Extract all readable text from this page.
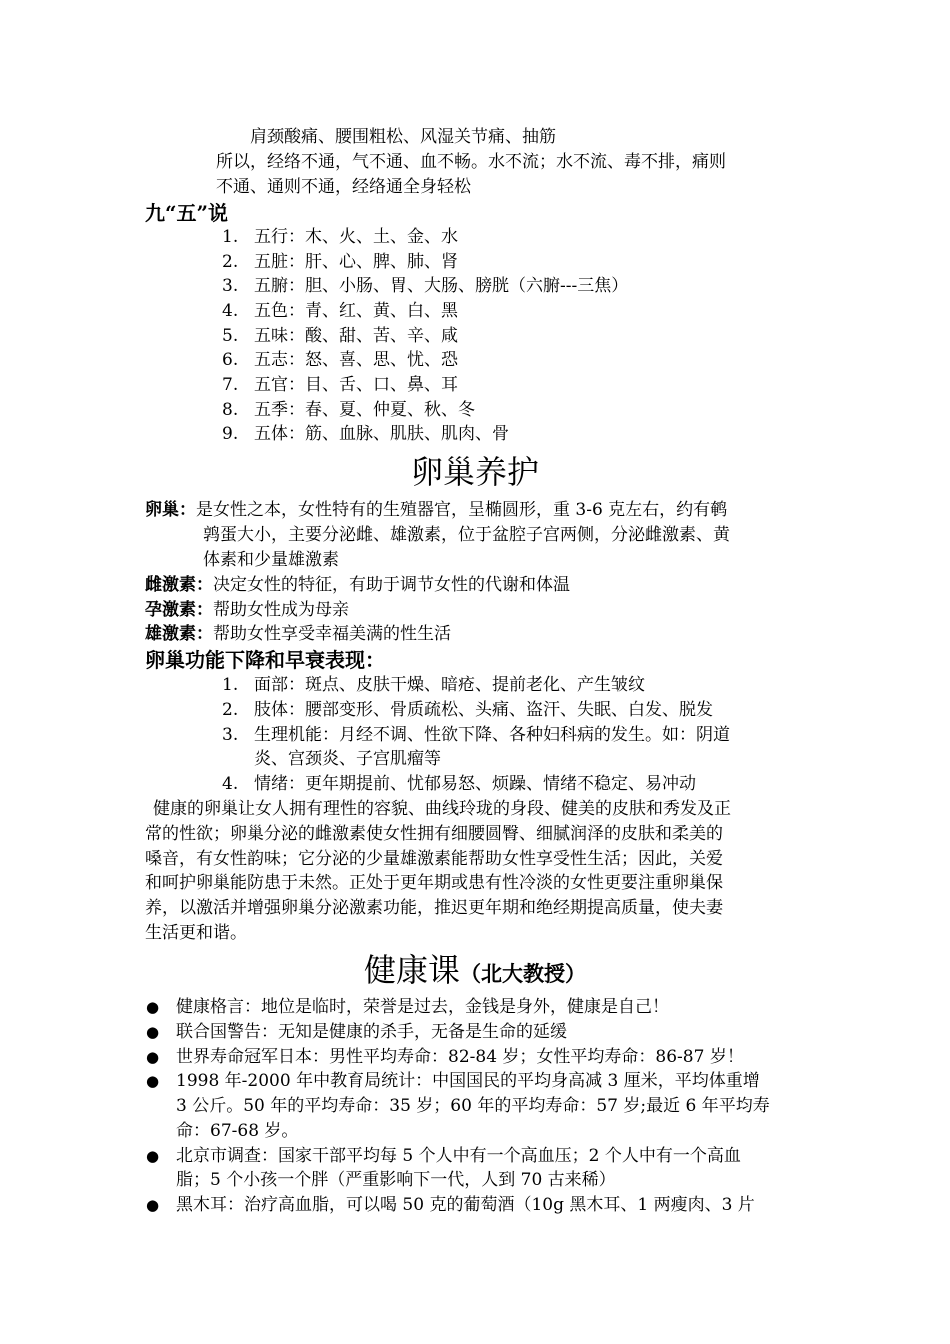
肩颈酸痛、腰围粗松、风湿关节痛、抽筋
所以，经络不通，气不通、血不畅。水不流；水不流、毒不排，痛则
不通、通则不通，经络通全身轻松
九“五”说
1. 五行：木、火、土、金、水
2. 五脏：肝、心、脾、肺、肾
3. 五腑：胆、小肠、胃、大肠、膀胱（六腑---三焦）
4. 五色：青、红、黄、白、黑
5. 五味：酸、甜、苦、辛、咸
6. 五志：怒、喜、思、忧、恐
7. 五官：目、舌、口、鼻、耳
8. 五季：春、夏、仲夏、秋、冬
9. 五体：筋、血脉、肌肤、肌肉、骨
卵巢养护
卵巢：是女性之本，女性特有的生殖器官，呈椭圆形，重 3-6 克左右，约有鹌
鹑蛋大小，主要分泌雌、雄激素，位于盆腔子宫两侧，分泌雌激素、黄
体素和少量雄激素
雌激素：决定女性的特征，有助于调节女性的代谢和体温
孕激素：帮助女性成为母亲
雄激素：帮助女性享受幸福美满的性生活
卵巢功能下降和早衰表现：
1. 面部：斑点、皮肤干燥、暗疮、提前老化、产生皱纹
2. 肢体：腰部变形、骨质疏松、头痛、盗汗、失眠、白发、脱发
3. 生理机能：月经不调、性欲下降、各种妇科病的发生。如：阴道
炎、宫颈炎、子宫肌瘤等
4. 情绪：更年期提前、忧郁易怒、烦躁、情绪不稳定、易冲动
健康的卵巢让女人拥有理性的容貌、曲线玲珑的身段、健美的皮肤和秀发及正
常的性欲；卵巢分泌的雌激素使女性拥有细腰圆臀、细腻润泽的皮肤和柔美的
嗓音，有女性韵味；它分泌的少量雄激素能帮助女性享受性生活；因此，关爱
和呵护卵巢能防患于未然。正处于更年期或患有性冷淡的女性更要注重卵巢保
养，以激活并增强卵巢分泌激素功能，推迟更年期和绝经期提高质量，使夫妻
生活更和谐。
健康课（北大教授）
● 健康格言：地位是临时，荣誉是过去，金钱是身外，健康是自己！
● 联合国警告：无知是健康的杀手，无备是生命的延缓
● 世界寿命冠军日本：男性平均寿命：82-84 岁；女性平均寿命：86-87 岁！
● 1998 年-2000 年中教育局统计：中国国民的平均身高减 3 厘米，平均体重增
3 公斤。50 年的平均寿命：35 岁；60 年的平均寿命：57 岁;最近 6 年平均寿
命：67-68 岁。
● 北京市调查：国家干部平均每 5 个人中有一个高血压；2 个人中有一个高血
脂；5 个小孩一个胖（严重影响下一代，人到 70 古来稀）
● 黑木耳：治疗高血脂，可以喝 50 克的葡萄酒（10g 黑木耳、1 两瘦肉、3 片
